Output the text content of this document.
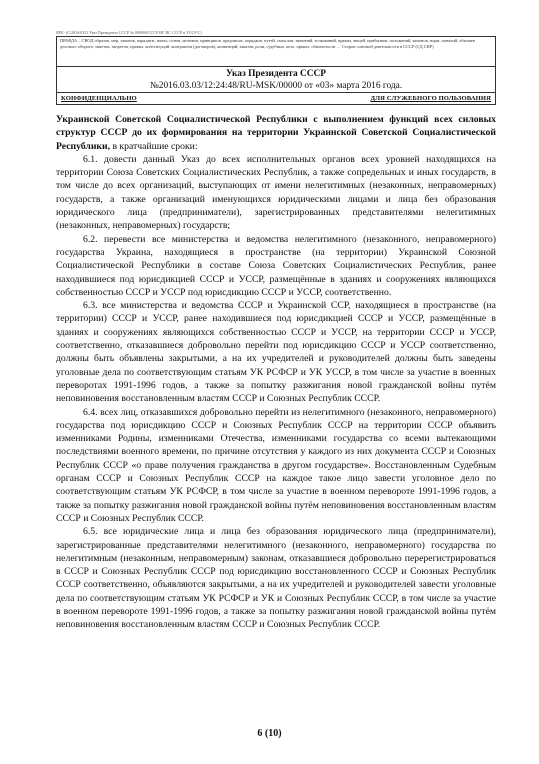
ЯЕЕ- (С/2016/0331 Указ Президента СССР № 000000/СССР ИС ВС СССР в УССР С)
ПРАВДА – СВОД образов, мер, законов, парадигм, начал, основ, мотивов, принципов, предписов, порядков, путей, смыслов, значений, толкований, правил, вещей, прибытков, положений, канонов, норм, понятий, обычаев делового оборота, заметок, запретов, правил, конституций, контрактов (договоров), конвенций, заказов, роли, судебных, котл, приказ, обязательств … Сторон союзной деятельности в СССР (СД СВР)
Указ Президента СССР
№2016.03.03/12:24:48/RU-MSK/00000 от «03» марта 2016 года.
КОНФИДЕНЦИАЛЬНО	ДЛЯ СЛУЖЕБНОГО ПОЛЬЗОВАНИЯ

Украинской Советской Социалистической Республики с выполнением функций всех силовых структур СССР до их формирования на территории Украинской Советской Социалистической Республики, в кратчайшие сроки:

6.1. довести данный Указ до всех исполнительных органов всех уровней находящихся на территории Союза Советских Социалистических Республик, а также сопредельных и иных государств, в том числе до всех организаций, выступающих от имени нелегитимных (незаконных, неправомерных) государств, а также организаций именующихся юридическими лицами и лица без образования юридического лица (предприниматели), зарегистрированных представителями нелегитимных (незаконных, неправомерных) государств;

6.2. перевести все министерства и ведомства нелегитимного (незаконного, неправомерного) государства Украина, находящиеся в пространстве (на территории) Украинской Союзной Социалистической Республики в составе Союза Советских Социалистических Республик, ранее находившиеся под юрисдикцией СССР и УССР, размещённые в зданиях и сооружениях являющихся собственностью СССР и УССР под юрисдикцию СССР и УССР, соответственно.

6.3. все министерства и ведомства СССР и Украинской ССР, находящиеся в пространстве (на территории) СССР и УССР, ранее находившиеся под юрисдикцией СССР и УССР, размещённые в зданиях и сооружениях являющихся собственностью СССР и УССР, на территории СССР и УССР, соответственно, отказавшиеся добровольно перейти под юрисдикцию СССР и УССР соответственно, должны быть объявлены закрытыми, а на их учредителей и руководителей должны быть заведены уголовные дела по соответствующим статьям УК РСФСР и УК УССР, в том числе за участие в военных переворотах 1991-1996 годов, а также за попытку разжигания новой гражданской войны путём неповиновения восстановленным властям СССР и Союзных Республик СССР.

6.4. всех лиц, отказавшихся добровольно перейти из нелегитимного (незаконного, неправомерного) государства под юрисдикцию СССР и Союзных Республик СССР на территории СССР объявить изменниками Родины, изменниками Отечества, изменниками государства со всеми вытекающими последствиями военного времени, по причине отсутствия у каждого из них документа СССР и Союзных Республик СССР «о праве получения гражданства в другом государстве». Восстановленным Судебным органам СССР и Союзных Республик СССР на каждое такое лицо завести уголовное дело по соответствующим статьям УК РСФСР, в том числе за участие в военном перевороте 1991-1996 годов, а также за попытку разжигания новой гражданской войны путём неповиновения восстановленным властям СССР и Союзных Республик СССР.

6.5. все юридические лица и лица без образования юридического лица (предприниматели), зарегистрированные представителями нелегитимного (незаконного, неправомерного) государства по нелегитимным (незаконным, неправомерным) законам, отказавшиеся добровольно перерегистрироваться в СССР и Союзных Республик СССР под юрисдикцию восстановленного СССР и Союзных Республик СССР соответственно, объявляются закрытыми, а на их учредителей и руководителей завести уголовные дела по соответствующим статьям УК РСФСР и УК и Союзных Республик СССР, в том числе за участие в военном перевороте 1991-1996 годов, а также за попытку разжигания новой гражданской войны путём неповиновения восстановленным властям СССР и Союзных Республик СССР.

6 (10)
